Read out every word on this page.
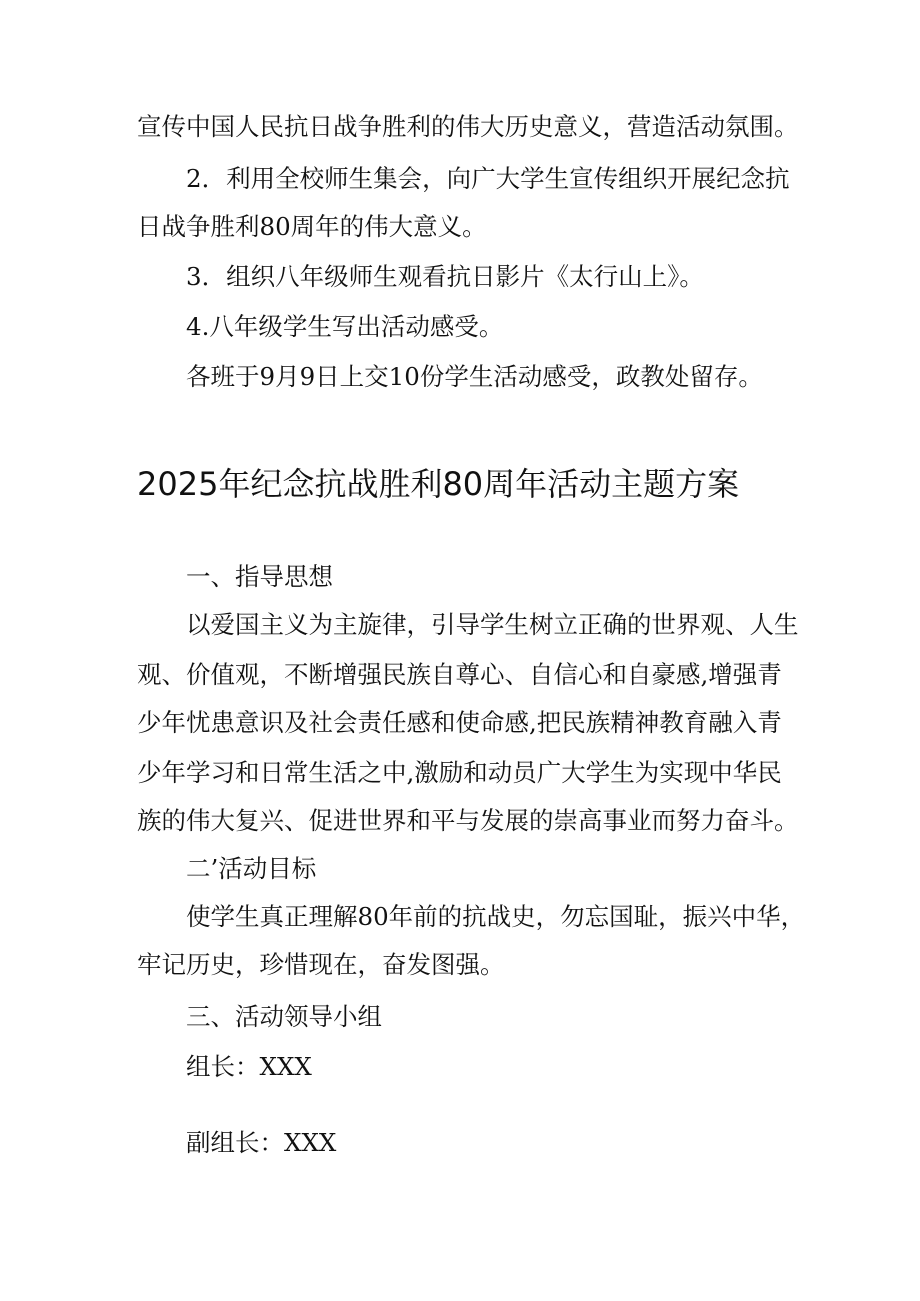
宣传中国人民抗日战争胜利的伟大历史意义，营造活动氛围。
2．利用全校师生集会，向广大学生宣传组织开展纪念抗
日战争胜利80周年的伟大意义。
3．组织八年级师生观看抗日影片《太行山上》。
4.八年级学生写出活动感受。
各班于9月9日上交10份学生活动感受，政教处留存。
2025年纪念抗战胜利80周年活动主题方案
一、指导思想
以爱国主义为主旋律，引导学生树立正确的世界观、人生
观、价值观，不断增强民族自尊心、自信心和自豪感,增强青
少年忧患意识及社会责任感和使命感,把民族精神教育融入青
少年学习和日常生活之中,激励和动员广大学生为实现中华民
族的伟大复兴、促进世界和平与发展的崇高事业而努力奋斗。
二’活动目标
使学生真正理解80年前的抗战史，勿忘国耻，振兴中华，
牢记历史，珍惜现在，奋发图强。
三、活动领导小组
组长：XXX
副组长：XXX
